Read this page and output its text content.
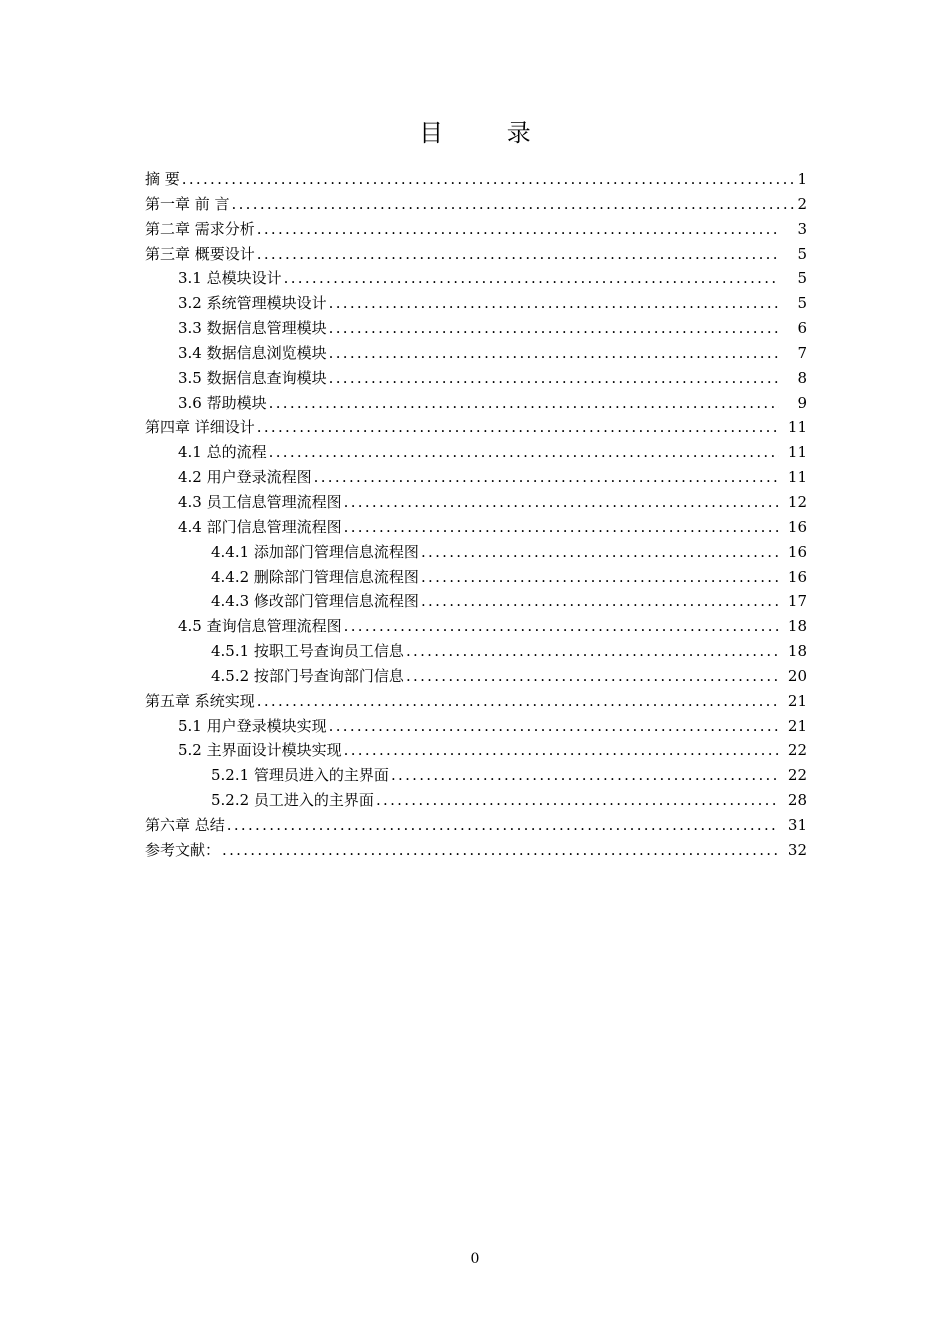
目 录
摘 要 .....	1
第一章 前 言 .....	2
第二章 需求分析 .....	3
第三章 概要设计 .....	5
3.1 总模块设计 .....	5
3.2 系统管理模块设计 .....	5
3.3 数据信息管理模块 .....	6
3.4 数据信息浏览模块 .....	7
3.5 数据信息查询模块 .....	8
3.6 帮助模块 .....	9
第四章 详细设计 .....	11
4.1 总的流程 .....	11
4.2 用户登录流程图 .....	11
4.3 员工信息管理流程图 .....	12
4.4 部门信息管理流程图 .....	16
4.4.1 添加部门管理信息流程图 .....	16
4.4.2 删除部门管理信息流程图 .....	16
4.4.3 修改部门管理信息流程图 .....	17
4.5 查询信息管理流程图 .....	18
4.5.1 按职工号查询员工信息 .....	18
4.5.2 按部门号查询部门信息 .....	20
第五章 系统实现 .....	21
5.1 用户登录模块实现 .....	21
5.2 主界面设计模块实现 .....	22
5.2.1 管理员进入的主界面 .....	22
5.2.2 员工进入的主界面 .....	28
第六章 总结 .....	31
参考文献： .....	32
0
